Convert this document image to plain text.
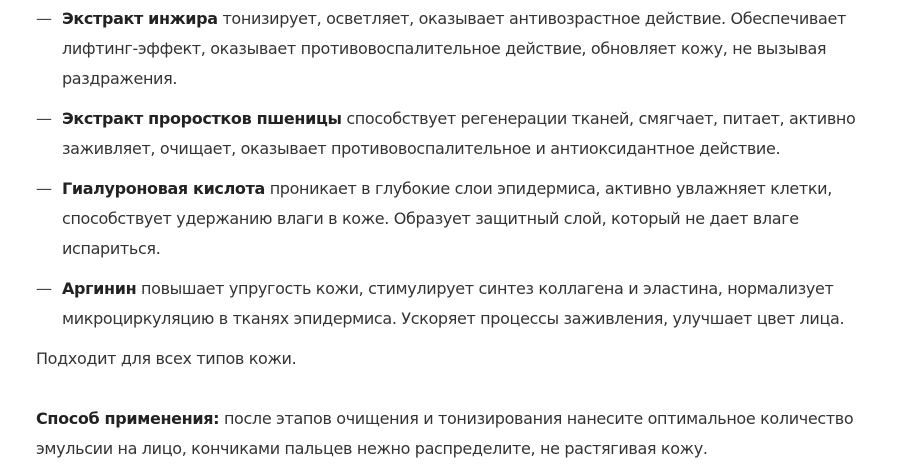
— Экстракт инжира тонизирует, осветляет, оказывает антивозрастное действие. Обеспечивает лифтинг-эффект, оказывает противовоспалительное действие, обновляет кожу, не вызывая раздражения.
— Экстракт проростков пшеницы способствует регенерации тканей, смягчает, питает, активно заживляет, очищает, оказывает противовоспалительное и антиоксидантное действие.
— Гиалуроновая кислота проникает в глубокие слои эпидермиса, активно увлажняет клетки, способствует удержанию влаги в коже. Образует защитный слой, который не дает влаге испариться.
— Аргинин повышает упругость кожи, стимулирует синтез коллагена и эластина, нормализует микроциркуляцию в тканях эпидермиса. Ускоряет процессы заживления, улучшает цвет лица.

Подходит для всех типов кожи.

Способ применения: после этапов очищения и тонизирования нанесите оптимальное количество эмульсии на лицо, кончиками пальцев нежно распределите, не растягивая кожу.
